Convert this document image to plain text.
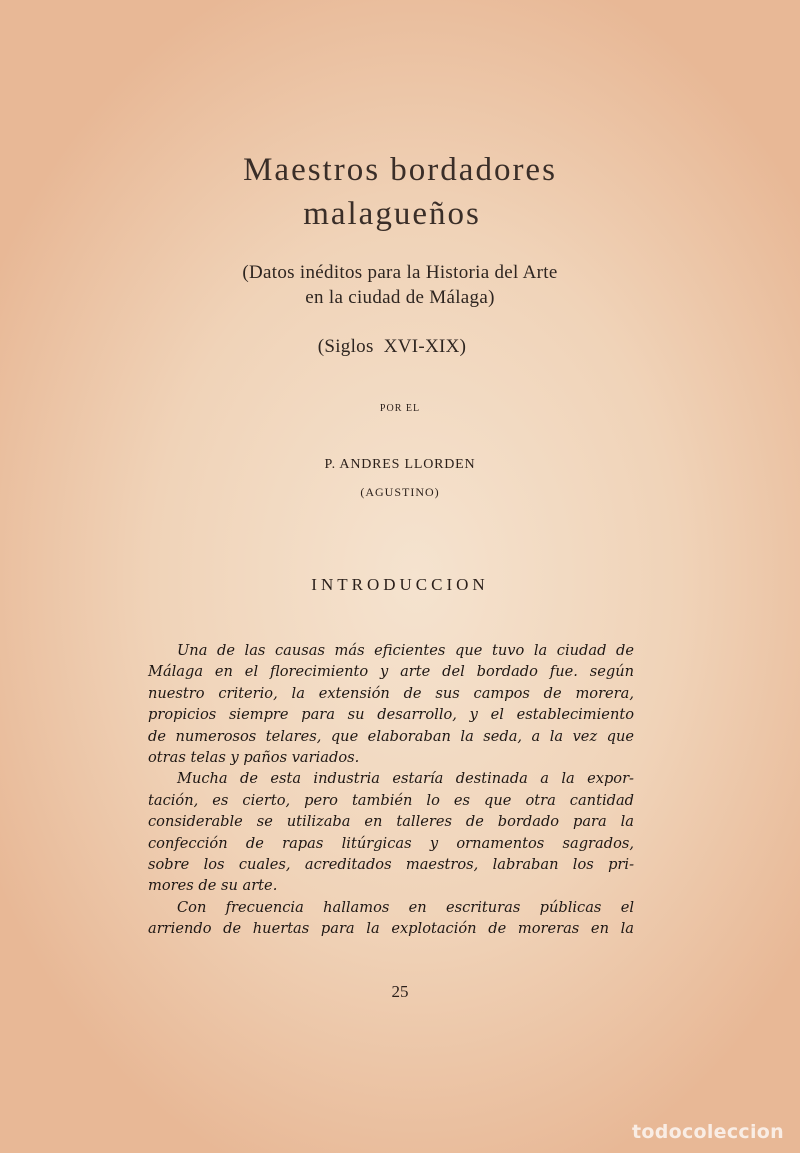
Maestros bordadores
malagueños
(Datos inéditos para la Historia del Arte
en la ciudad de Málaga)
(Siglos XVI-XIX)
POR EL
P. ANDRES LLORDEN
(AGUSTINO)
INTRODUCCION
Una de las causas más eficientes que tuvo la ciudad de
Málaga en el florecimiento y arte del bordado fue. según
nuestro criterio, la extensión de sus campos de morera,
propicios siempre para su desarrollo, y el establecimiento
de numerosos telares, que elaboraban la seda, a la vez que
otras telas y paños variados.
Mucha de esta industria estaría destinada a la expor-
tación, es cierto, pero también lo es que otra cantidad
considerable se utilizaba en talleres de bordado para la
confección de rapas litúrgicas y ornamentos sagrados,
sobre los cuales, acreditados maestros, labraban los pri-
mores de su arte.
Con frecuencia hallamos en escrituras públicas el
arriendo de huertas para la explotación de moreras en la
25
todocoleccion
